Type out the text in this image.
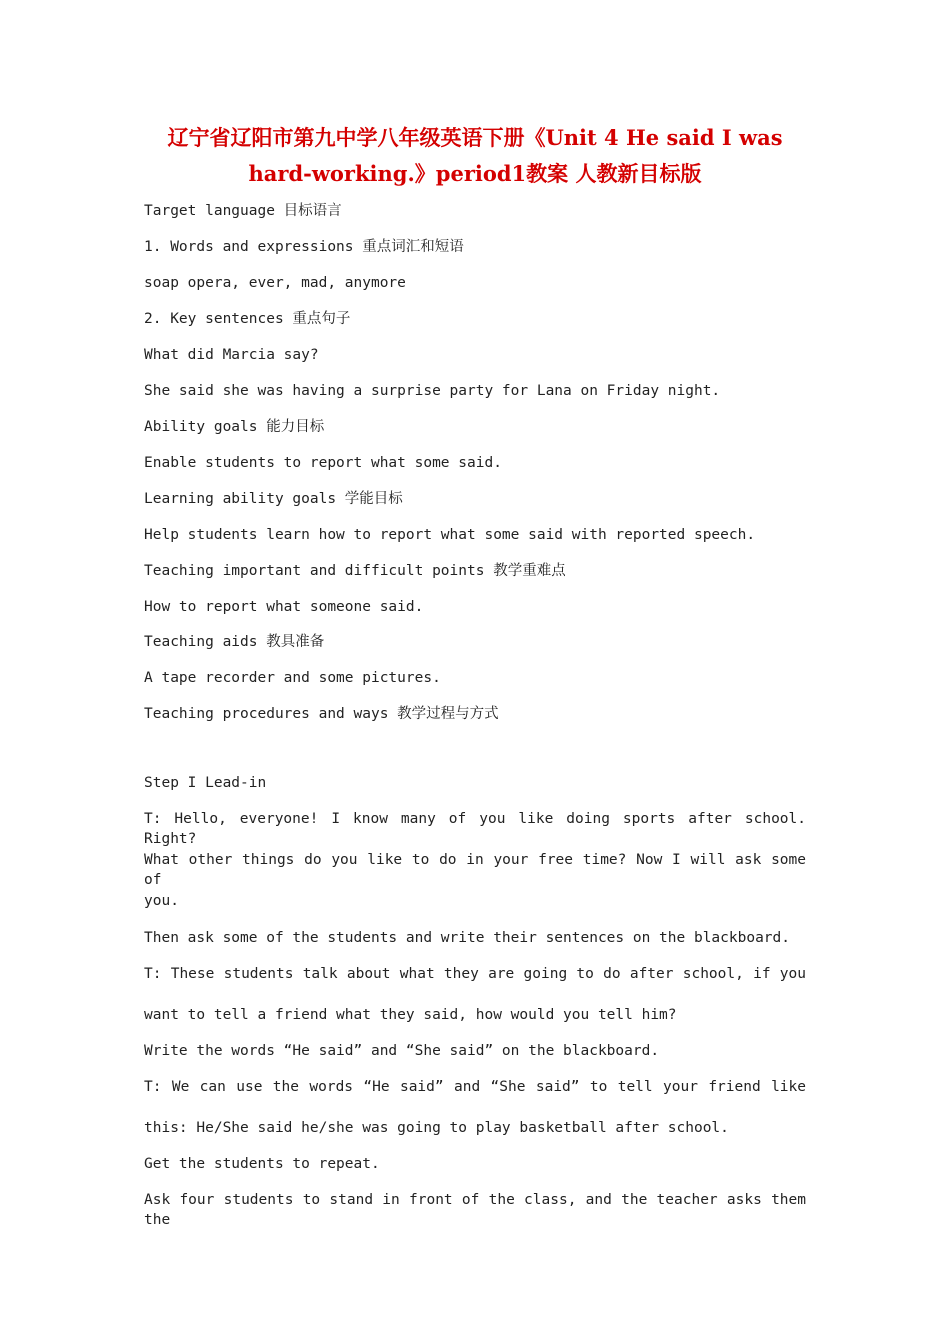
辽宁省辽阳市第九中学八年级英语下册《Unit 4 He said I was
hard-working.》period1教案 人教新目标版
Target language 目标语言
1. Words and expressions 重点词汇和短语
soap opera, ever, mad, anymore
2. Key sentences 重点句子
What did Marcia say?
She said she was having a surprise party for Lana on Friday night.
Ability goals 能力目标
Enable students to report what some said.
Learning ability goals 学能目标
Help students learn how to report what some said with reported speech.
Teaching important and difficult points 教学重难点
How to report what someone said.
Teaching aids 教具准备
A tape recorder and some pictures.
Teaching procedures and ways 教学过程与方式
Step I Lead-in
T: Hello, everyone! I know many of you like doing sports after school. Right?
What other things do you like to do in your free time? Now I will ask some of
you.
Then ask some of the students and write their sentences on the blackboard.
T: These students talk about what they are going to do after school, if you
want to tell a friend what they said, how would you tell him?
Write the words “He said” and “She said” on the blackboard.
T: We can use the words “He said” and “She said” to tell your friend like
this: He/She said he/she was going to play basketball after school.
Get the students to repeat.
Ask four students to stand in front of the class, and the teacher asks them the
